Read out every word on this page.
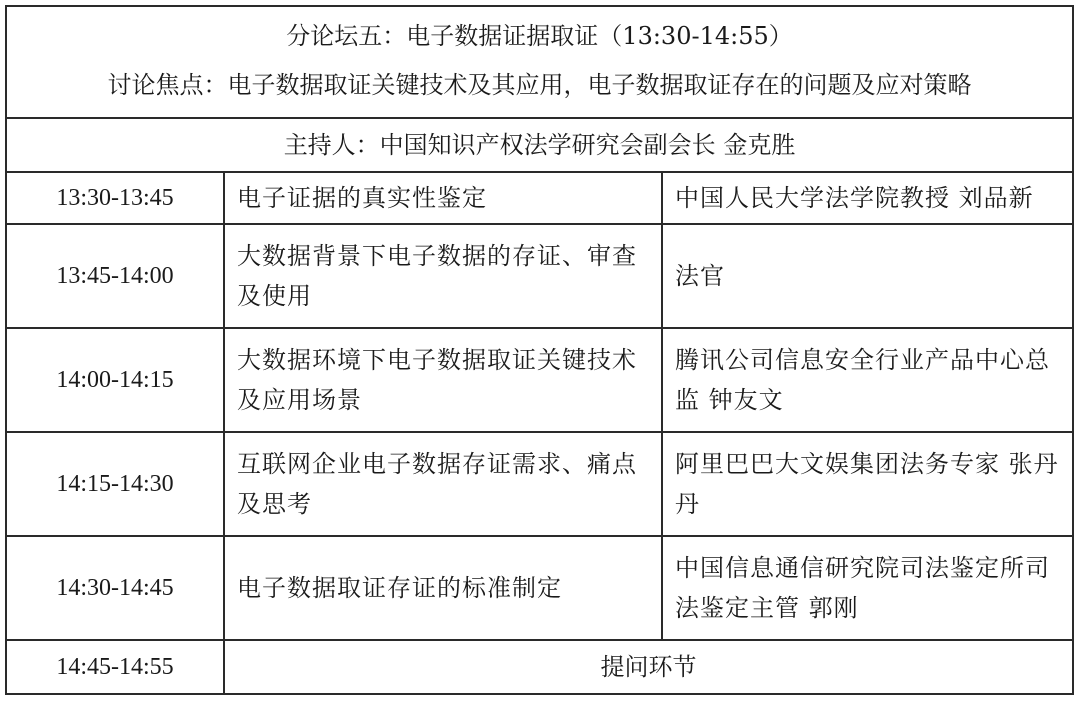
分论坛五：电子数据证据取证（13:30-14:55）
讨论焦点：电子数据取证关键技术及其应用，电子数据取证存在的问题及应对策略		

主持人：中国知识产权法学研究会副会长 金克胜		
13:30-13:45	电子证据的真实性鉴定	中国人民大学法学院教授 刘品新
13:45-14:00	大数据背景下电子数据的存证、审查及使用	法官
14:00-14:15	大数据环境下电子数据取证关键技术及应用场景	腾讯公司信息安全行业产品中心总监 钟友文
14:15-14:30	互联网企业电子数据存证需求、痛点及思考	阿里巴巴大文娱集团法务专家 张丹丹
14:30-14:45	电子数据取证存证的标准制定	中国信息通信研究院司法鉴定所司法鉴定主管 郭刚
14:45-14:55	提问环节	
